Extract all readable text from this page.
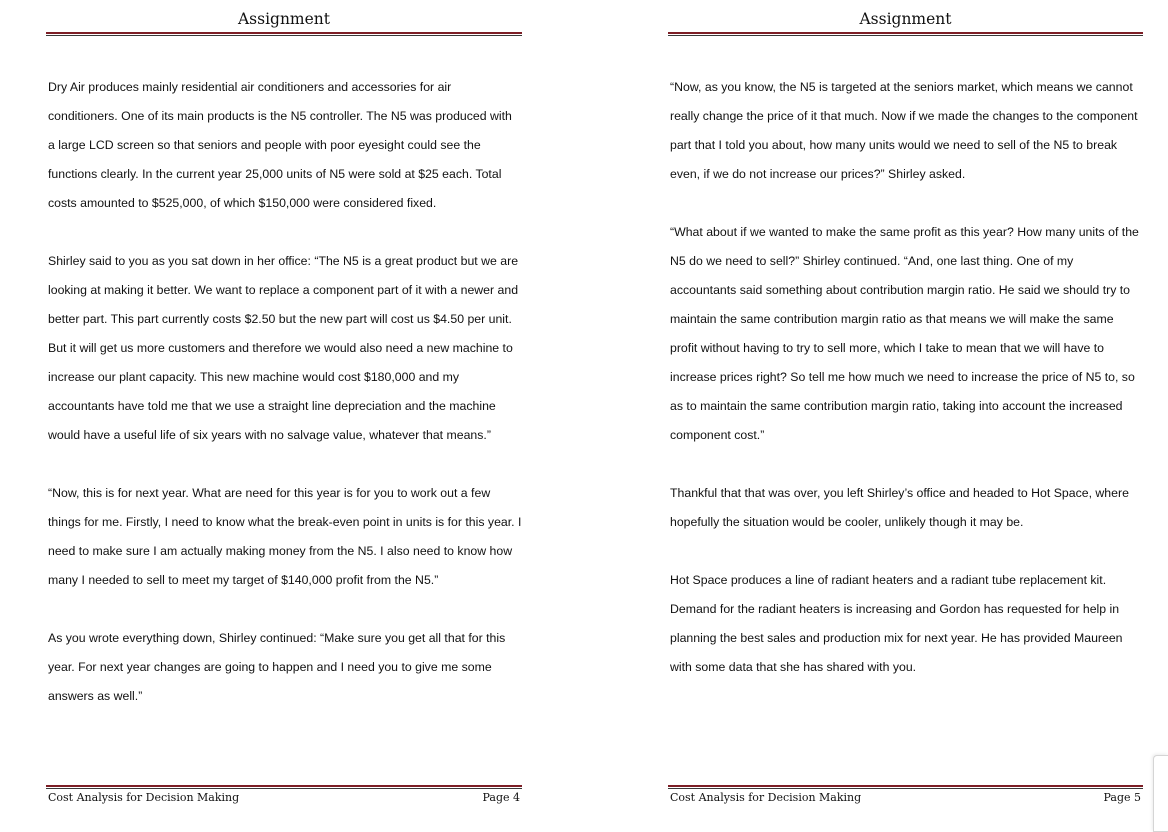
Assignment

Dry Air produces mainly residential air conditioners and accessories for air conditioners. One of its main products is the N5 controller. The N5 was produced with a large LCD screen so that seniors and people with poor eyesight could see the functions clearly. In the current year 25,000 units of N5 were sold at $25 each. Total costs amounted to $525,000, of which $150,000 were considered fixed.

Shirley said to you as you sat down in her office: “The N5 is a great product but we are looking at making it better. We want to replace a component part of it with a newer and better part. This part currently costs $2.50 but the new part will cost us $4.50 per unit. But it will get us more customers and therefore we would also need a new machine to increase our plant capacity. This new machine would cost $180,000 and my accountants have told me that we use a straight line depreciation and the machine would have a useful life of six years with no salvage value, whatever that means.”

“Now, this is for next year. What are need for this year is for you to work out a few things for me. Firstly, I need to know what the break-even point in units is for this year. I need to make sure I am actually making money from the N5. I also need to know how many I needed to sell to meet my target of $140,000 profit from the N5.”

As you wrote everything down, Shirley continued: “Make sure you get all that for this year. For next year changes are going to happen and I need you to give me some answers as well.”

Cost Analysis for Decision Making	Page 4
Assignment

“Now, as you know, the N5 is targeted at the seniors market, which means we cannot really change the price of it that much. Now if we made the changes to the component part that I told you about, how many units would we need to sell of the N5 to break even, if we do not increase our prices?” Shirley asked.

“What about if we wanted to make the same profit as this year? How many units of the N5 do we need to sell?” Shirley continued. “And, one last thing. One of my accountants said something about contribution margin ratio. He said we should try to maintain the same contribution margin ratio as that means we will make the same profit without having to try to sell more, which I take to mean that we will have to increase prices right? So tell me how much we need to increase the price of N5 to, so as to maintain the same contribution margin ratio, taking into account the increased component cost.”

Thankful that that was over, you left Shirley’s office and headed to Hot Space, where hopefully the situation would be cooler, unlikely though it may be.

Hot Space produces a line of radiant heaters and a radiant tube replacement kit. Demand for the radiant heaters is increasing and Gordon has requested for help in planning the best sales and production mix for next year. He has provided Maureen with some data that she has shared with you.

Cost Analysis for Decision Making	Page 5
